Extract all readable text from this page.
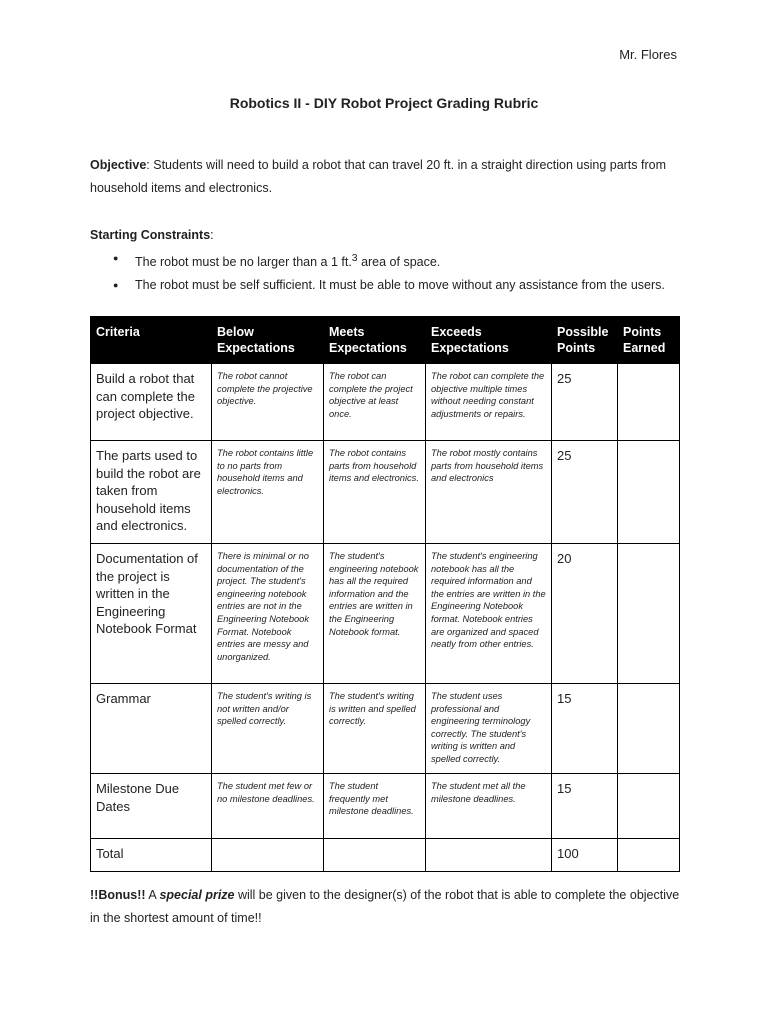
Mr. Flores
Robotics II - DIY Robot Project Grading Rubric
Objective: Students will need to build a robot that can travel 20 ft. in a straight direction using parts from household items and electronics.
Starting Constraints:
● The robot must be no larger than a 1 ft.$^3$ area of space.
● The robot must be self sufficient. It must be able to move without any assistance from the users.
Criteria	Below Expectations	Meets Expectations	Exceeds Expectations	Possible Points	Points Earned
Build a robot that can complete the project objective.	The robot cannot complete the projective objective.	The robot can complete the project objective at least once.	The robot can complete the objective multiple times without needing constant adjustments or repairs.	25	
The parts used to build the robot are taken from household items and electronics.	The robot contains little to no parts from household items and electronics.	The robot contains parts from household items and electronics.	The robot mostly contains parts from household items and electronics	25	
Documentation of the project is written in the Engineering Notebook Format	There is minimal or no documentation of the project. The student's engineering notebook entries are not in the Engineering Notebook Format. Notebook entries are messy and unorganized.	The student's engineering notebook has all the required information and the entries are written in the Engineering Notebook format.	The student's engineering notebook has all the required information and the entries are written in the Engineering Notebook format. Notebook entries are organized and spaced neatly from other entries.	20	
Grammar	The student's writing is not written and/or spelled correctly.	The student's writing is written and spelled correctly.	The student uses professional and engineering terminology correctly. The student's writing is written and spelled correctly.	15	
Milestone Due Dates	The student met few or no milestone deadlines.	The student frequently met milestone deadlines.	The student met all the milestone deadlines.	15	
Total				100	
!!Bonus!! A special prize will be given to the designer(s) of the robot that is able to complete the objective in the shortest amount of time!!
